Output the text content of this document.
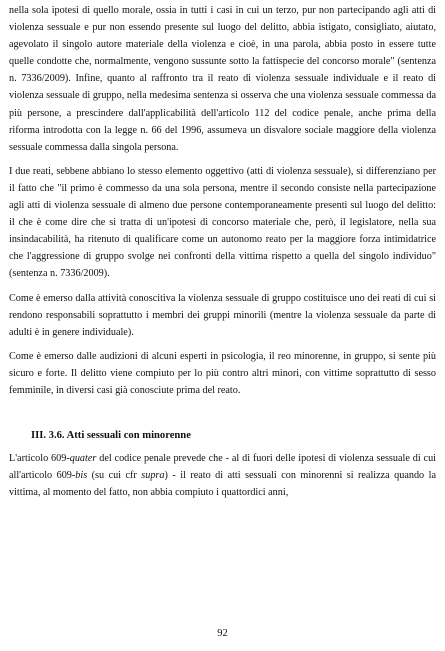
nella sola ipotesi di quello morale, ossia in tutti i casi in cui un terzo, pur non partecipando agli atti di violenza sessuale e pur non essendo presente sul luogo del delitto, abbia istigato, consigliato, aiutato, agevolato il singolo autore materiale della violenza e cioè, in una parola, abbia posto in essere tutte quelle condotte che, normalmente, vengono sussunte sotto la fattispecie del concorso morale" (sentenza n. 7336/2009). Infine, quanto al raffronto tra il reato di violenza sessuale individuale e il reato di violenza sessuale di gruppo, nella medesima sentenza si osserva che una violenza sessuale commessa da più persone, a prescindere dall'applicabilità dell'articolo 112 del codice penale, anche prima della riforma introdotta con la legge n. 66 del 1996, assumeva un disvalore sociale maggiore della violenza sessuale commessa dalla singola persona.

I due reati, sebbene abbiano lo stesso elemento oggettivo (atti di violenza sessuale), si differenziano per il fatto che "il primo è commesso da una sola persona, mentre il secondo consiste nella partecipazione agli atti di violenza sessuale di almeno due persone contemporaneamente presenti sul luogo del delitto: il che è come dire che si tratta di un'ipotesi di concorso materiale che, però, il legislatore, nella sua insindacabilità, ha ritenuto di qualificare come un autonomo reato per la maggiore forza intimidatrice che l'aggressione di gruppo svolge nei confronti della vittima rispetto a quella del singolo individuo" (sentenza n. 7336/2009).

Come è emerso dalla attività conoscitiva la violenza sessuale di gruppo costituisce uno dei reati di cui si rendono responsabili soprattutto i membri dei gruppi minorili (mentre la violenza sessuale da parte di adulti è in genere individuale).

Come è emerso dalle audizioni di alcuni esperti in psicologia, il reo minorenne, in gruppo, si sente più sicuro e forte. Il delitto viene compiuto per lo più contro altri minori, con vittime soprattutto di sesso femminile, in diversi casi già conosciute prima del reato.

III. 3.6. Atti sessuali con minorenne

L'articolo 609-quater del codice penale prevede che - al di fuori delle ipotesi di violenza sessuale di cui all'articolo 609-bis (su cui cfr supra) - il reato di atti sessuali con minorenni si realizza quando la vittima, al momento del fatto, non abbia compiuto i quattordici anni,

92
